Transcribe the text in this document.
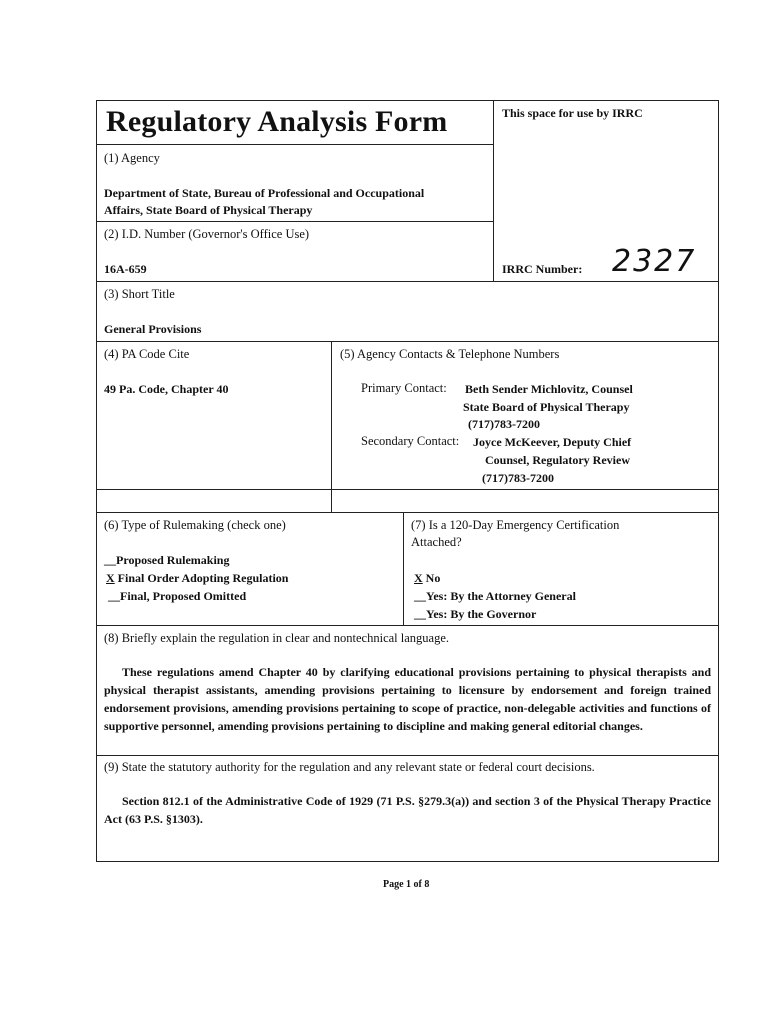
Regulatory Analysis Form	This space for use by IRRC
IRRC Number: 2327
(1) Agency
Department of State, Bureau of Professional and Occupational
Affairs, State Board of Physical Therapy
(2) I.D. Number (Governor's Office Use)
16A-659
(3) Short Title
General Provisions
(4) PA Code Cite
49 Pa. Code, Chapter 40
(5) Agency Contacts & Telephone Numbers
Primary Contact: Beth Sender Michlovitz, Counsel
State Board of Physical Therapy
(717)783-7200
Secondary Contact: Joyce McKeever, Deputy Chief
Counsel, Regulatory Review
(717)783-7200
(6) Type of Rulemaking (check one)
__Proposed Rulemaking
X Final Order Adopting Regulation
__Final, Proposed Omitted
(7) Is a 120-Day Emergency Certification
Attached?
X No
__Yes: By the Attorney General
__Yes: By the Governor
(8) Briefly explain the regulation in clear and nontechnical language.
These regulations amend Chapter 40 by clarifying educational provisions pertaining to physical therapists and physical therapist assistants, amending provisions pertaining to licensure by endorsement and foreign trained endorsement provisions, amending provisions pertaining to scope of practice, non-delegable activities and functions of supportive personnel, amending provisions pertaining to discipline and making general editorial changes.
(9) State the statutory authority for the regulation and any relevant state or federal court decisions.
Section 812.1 of the Administrative Code of 1929 (71 P.S. §279.3(a)) and section 3 of the Physical Therapy Practice Act (63 P.S. §1303).
Page 1 of 8
